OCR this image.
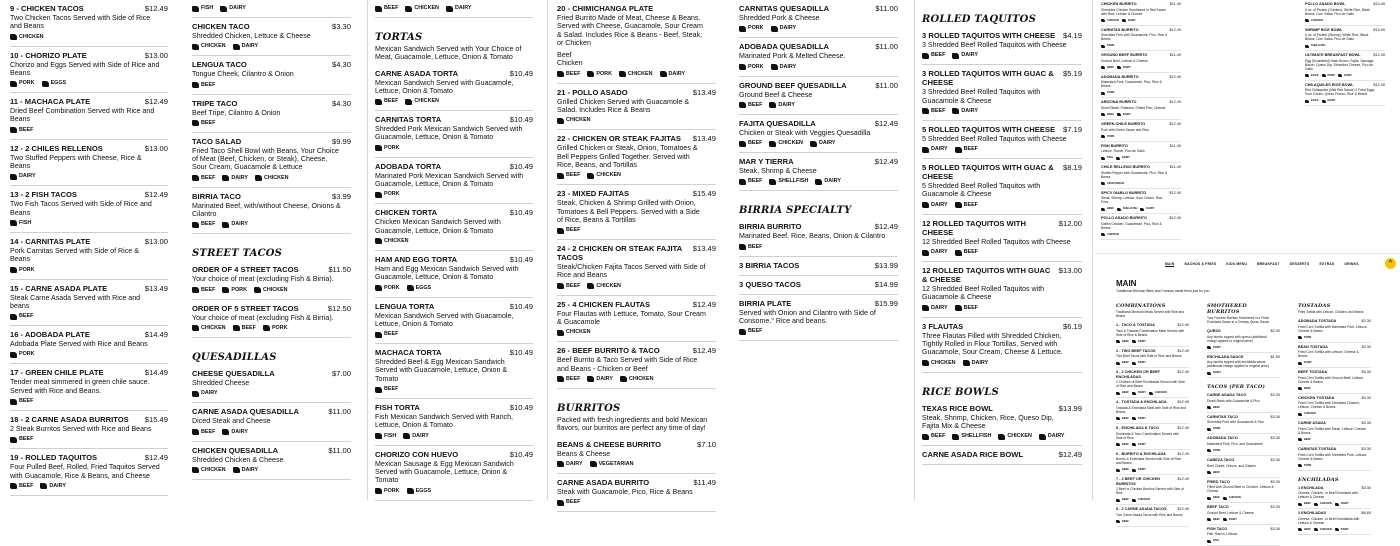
9 - CHICKEN TACOS	$12.49
Two Chicken Tacos Served with Side of Rice and Beans
CHICKEN
10 - CHORIZO PLATE	$13.00
Chorizo and Eggs Served with Side of Rice and Beans
PORK	EGGS
11 - MACHACA PLATE	$12.49
Dried Beef Combination Served with Rice and Beans
BEEF
12 - 2 CHILES RELLENOS	$13.00
Two Stuffed Peppers with Cheese, Rice & Beans
DAIRY
13 - 2 FISH TACOS	$12.49
Two Fish Tacos Served with Side of Rice and Beans
FISH
14 - CARNITAS PLATE	$13.00
Pork Carnitas Served with Side of Rice & Beans
PORK
15 - CARNE ASADA PLATE	$13.49
Steak Carne Asada Served with Rice and beans
BEEF
16 - ADOBADA PLATE	$14.49
Adobada Plate Served with Rice and Beans
PORK
17 - GREEN CHILE PLATE	$14.49
Tender meat simmered in green chile sauce. Served with Rice and Beans.
BEEF
18 - 2 CARNE ASADA BURRITOS	$15.49
2 Steak Burritos Served with Rice and Beans
BEEF
19 - ROLLED TAQUITOS	$12.49
Four Pulled Beef, Rolled, Fried Taquitos Served with Guacamole, Rice & Beans, and Cheese
BEEF	DAIRY
FISH	DAIRY
CHICKEN TACO	$3.30
Shredded Chicken, Lettuce & Cheese
CHICKEN	DAIRY
LENGUA TACO	$4.30
Tongue Cheek, Cilantro & Onion
BEEF
TRIPE TACO	$4.30
Beef Tripe, Cilantro & Onion
BEEF
TACO SALAD	$9.99
Fried Taco Shell Bowl with Beans, Your Choice of Meat (Beef, Chicken, or Steak), Cheese, Sour Cream, Guacamole & Lettuce
BEEF	DAIRY	CHICKEN
BIRRIA TACO	$3.99
Marinated Beef, with/without Cheese, Onions & Cilantro
BEEF	DAIRY
STREET TACOS
ORDER OF 4 STREET TACOS	$11.50
Your choice of meat (excluding Fish & Birria).
BEEF	PORK	CHICKEN
ORDER OF 5 STREET TACOS	$12.50
Your choice of meat (excluding Fish & Birria).
CHICKEN	BEEF	PORK
QUESADILLAS
CHEESE QUESADILLA	$7.00
Shredded Cheese
DAIRY
CARNE ASADA QUESADILLA	$11.00
Diced Steak and Cheese
BEEF	DAIRY
CHICKEN QUESADILLA	$11.00
Shredded Chicken & Cheese
CHICKEN	DAIRY
BEEF	CHICKEN	DAIRY
TORTAS
Mexican Sandwich Served with Your Choice of Meat, Guacamole, Lettuce, Onion & Tomato
CARNE ASADA TORTA	$10.49
Mexican Sandwich Served with Guacamole, Lettuce, Onion & Tomato
BEEF	CHICKEN
CARNITAS TORTA	$10.49
Shredded Pork Mexican Sandwich Served with Guacamole, Lettuce, Onion & Tomato
PORK
ADOBADA TORTA	$10.49
Marinated Pork Mexican Sandwich Served with Guacamole, Lettuce, Onion & Tomato
PORK
CHICKEN TORTA	$10.49
Chicken Mexican Sandwich Served with Guacamole, Lettuce, Onion & Tomato
CHICKEN
HAM AND EGG TORTA	$10.49
Ham and Egg Mexican Sandwich Served with Guacamole, Lettuce, Onion & Tomato
PORK	EGGS
LENGUA TORTA	$10.49
Mexican Sandwich Served with Guacamole, Lettuce, Onion & Tomato
BEEF
MACHACA TORTA	$10.49
Shredded Beef & Egg Mexican Sandwich Served with Guacamole, Lettuce, Onion & Tomato
BEEF
FISH TORTA	$10.49
Fish Mexican Sandwich Served with Ranch, Lettuce, Onion & Tomato
FISH	DAIRY
CHORIZO CON HUEVO	$10.49
Mexican Sausage & Egg Mexican Sandwich Served with Guacamole, Lettuce, Onion & Tomato
PORK	EGGS
20 - CHIMICHANGA PLATE
Fried Burrito Made of Meat, Cheese & Beans. Served with Cheese, Guacamole, Sour Cream & Salad. Includes Rice & Beans - Beef, Steak, or Chicken
Beef
Chicken
BEEF	PORK	CHICKEN	DAIRY
21 - POLLO ASADO	$13.49
Grilled Chicken Served with Guacamole & Salad. Includes Rice & Beans
CHICKEN
22 - CHICKEN OR STEAK FAJITAS	$13.49
Grilled Chicken or Steak, Onion, Tomatoes & Bell Peppers Grilled Together. Served with Rice, Beans, and Tortillas
BEEF	CHICKEN
23 - MIXED FAJITAS	$15.49
Steak, Chicken & Shrimp Grilled with Onion, Tomatoes & Bell Peppers. Served with a Side of Rice, Beans & Tortillas
BEEF
24 - 2 CHICKEN OR STEAK FAJITA TACOS
$13.49
Steak/Chicken Fajita Tacos Served with Side of Rice and Beans
BEEF	CHICKEN
25 - 4 CHICKEN FLAUTAS	$12.49
Four Flautas with Lettuce, Tomato, Sour Cream & Guacamole
CHICKEN
26 - BEEF BURRITO & TACO	$12.49
Beef Burrito & Taco Served with Side of Rice and Beans - Chicken or Beef
BEEF	DAIRY	CHICKEN
BURRITOS
Packed with fresh ingredients and bold Mexican flavors, our burritos are perfect any time of day!
BEANS & CHEESE BURRITO	$7.10
Beans & Cheese
DAIRY	VEGETARIAN
CARNE ASADA BURRITO	$11.49
Steak with Guacamole, Pico, Rice & Beans
BEEF
CARNITAS QUESADILLA	$11.00
Shredded Pork & Cheese
PORK	DAIRY
ADOBADA QUESADILLA	$11.00
Marinated Pork & Melted Cheese.
PORK	DAIRY
GROUND BEEF QUESADILLA	$11.00
Ground Beef & Cheese
BEEF	DAIRY
FAJITA QUESADILLA	$12.49
Chicken or Steak with Veggies Quesadilla
BEEF	CHICKEN	DAIRY
MAR Y TIERRA	$12.49
Steak, Shrimp & Cheese
BEEF	SHELLFISH	DAIRY
BIRRIA SPECIALTY
BIRRIA BURRITO	$12.49
Marinated Beef. Rice, Beans, Onion & Cilantro
BEEF
3 BIRRIA TACOS	$13.99
3 QUESO TACOS	$14.99
BIRRIA PLATE	$15.99
Served with Onion and Cilantro with Side of Consome." Rice and beans.
BEEF
ROLLED TAQUITOS
3 ROLLED TAQUITOS WITH CHEESE	$4.19
3 Shredded Beef Rolled Taquitos with Cheese
BEEF	DAIRY
3 ROLLED TAQUITOS WITH GUAC & CHEESE
$5.19
3 Shredded Beef Rolled Taquitos with Guacamole & Cheese
BEEF	DAIRY
5 ROLLED TAQUITOS WITH CHEESE	$7.19
5 Shredded Beef Rolled Taquitos with Cheese
DAIRY	BEEF
5 ROLLED TAQUITOS WITH GUAC & CHEESE
$8.19
5 Shredded Beef Rolled Taquitos with Guacamole & Cheese
DAIRY	BEEF
12 ROLLED TAQUITOS WITH CHEESE
$12.00
12 Shredded Beef Rolled Taquitos with Cheese
DAIRY	BEEF
12 ROLLED TAQUITOS WITH GUAC & CHEESE
$13.00
12 Shredded Beef Rolled Taquitos with Guacamole & Cheese
DAIRY	BEEF
3 FLAUTAS	$6.19
Three Flautas Filled with Shredded Chicken, Tightly Rolled in Flour Tortillas, Served with Guacamole, Sour Cream, Cheese & Lettuce.
CHICKEN	DAIRY
RICE BOWLS
TEXAS RICE BOWL	$13.99
Steak, Shrimp, Chicken, Rice, Queso Dip, Fajita Mix & Cheese
BEEF	SHELLFISH	CHICKEN	DAIRY
CARNE ASADA RICE BOWL	$12.49
CHICKEN BURRITO	$11.49
Shredded Chicken Smothered in Red Sauce with Rice, Lettuce & Cheese
CHICKEN	DAIRY
CARNITAS BURRITO	$12.49
Shredded Pork with Guacamole, Pico, Rice & Beans
PORK
GROUND BEEF BURRITO	$11.49
Ground Beef, Lettuce & Cheese
BEEF	DAIRY
ADOBADA BURRITO	$12.49
Marinated Pork, Guacamole, Pico, Rice & Beans
PORK
ARIZONA BURRITO	$12.49
Diced Steak, Potatoes, Grilled Pico, Cheese
BEEF	DAIRY
GREEN CHILE BURRITO	$12.49
Pork with Green Sauce and Rice
PORK
FISH BURRITO	$11.49
Lettuce, Ranch, Pico de Gallo
FISH	DAIRY
CHILE RELLENO BURRITO	$11.49
Stuffed Pepper with Guacamole, Pico, Rice & Beans
VEGETARIAN
SPICY DIABLO BURRITO	$12.49
Steak, Shrimp, Lettuce, Sour Cream, Rice, Fries
BEEF	SHELLFISH	DAIRY
POLLO ASADO BURRITO	$12.49
Grilled Chicken, Guacamole, Pico, Rice & Beans
CHICKEN
POLLO ASADO BOWL	$13.49
6 oz. of Protein (Chicken), White Rice, Black Beans, Corn Salsa, Pico de Gallo
CHICKEN
SHRIMP RICE BOWL	$13.99
6 oz. of Protein (Shrimp), White Rice, Black Beans, Corn Salsa, Pico de Gallo
SHELLFISH
ULTIMATE BREAKFAST BOWL	$12.49
Egg (Scrambled) Hash Brown, Fajita, Sausage, Bacon, Queso Dip, Shredded Cheese, Pico de Gallo
EGGS	PORK	DAIRY
CHILAQUILES RICE BOWL	$12.49
Red Chilaquiles (Mild Red Sauce) 2 Fried Eggs, Sour Cream, Queso Fresco, Rice & Beans
EGGS	DAIRY
MAIN	NACHOS & FRIES	KIDS MENU	BREAKFAST	DESSERTS	EXTRAS	DRINKS	^
MAIN
Traditional Mexican Bites and Combos made fresh just for you
COMBINATIONS
Traditional Mexican Meals Served with Rice and Beans
1 - TACO & TOSTADA	$12.49
Taco & Tostada Combination Meal Served with Side of Rice & Beans
BEEF	DAIRY
2 - TWO BEEF TACOS	$12.49
Two Beef Tacos with Side of Rice and Beans
BEEF	DAIRY
3 - 2 CHICKEN OR BEEF ENCHILADAS
$12.49
2 Chicken or Beef Enchiladas Served with Side of Rice and Beans
BEEF	DAIRY	CHICKEN
4 - TOSTADA & ENCHILADA	$12.49
Tostada & Enchilada Meal with Side of Rice and Beans
BEEF	DAIRY
5 - ENCHILADA & TACO	$12.49
Enchilada & Taco Combination Served with Side of Rice
BEEF	DAIRY
6 - BURRITO & ENCHILADA	$12.49
Burrito & Enchilada Served with Side of Rice and Beans
BEEF	DAIRY
7 - 2 BEEF OR CHICKEN BURRITOS
$12.49
2 Beef or Chicken Burritos Served with Side of Rice
BEEF	CHICKEN
8 - 2 CARNE ASADA TACOS	$12.49
Two Carne Asada Tacos with Rice and Beans
BEEF
SMOTHERED BURRITOS
Your Favorite Burritos Smothered in a Fresh Enchilada Sauce in a Creamy Queso Sauce
QUESO	$2.00
Any burrito topped with queso (additional charge applies to original price)
DAIRY
ENCHILADA SAUCE	$1.50
Any burrito topped with enchilada sauce (additional charge applies to original price)
DAIRY
TACOS (PER TACO)
CARNE ASADA TACO	$3.30
Diced Steak with Guacamole & Pico
BEEF
CARNITAS TACO	$3.30
Shredded Pork with Guacamole & Pico
PORK
ADOBADA TACO	$3.30
Marinated Pork, Pico, and Guacamole
PORK
CABEZA TACO	$3.30
Beef Cheek, Onions, and Cilantro
BEEF
FRIED TACO	$3.30
Filled with Ground Beef or Chicken, Lettuce & Cheese
BEEF	CHICKEN
BEEF TACO	$3.30
Ground Beef, Lettuce & Cheese
BEEF	DAIRY
FISH TACO	$3.30
Fish, Ranch, Lettuce
FISH
TOSTADAS
Fried Tortilla with Lettuce, Chicken, and Beans
ADOBADA TOSTADA	$3.30
Fried Corn Tortilla with Marinated Pork, Lettuce, Cheese & Beans
PORK
BEAN TOSTADA	$3.30
Fried Corn Tortilla with Lettuce, Cheese & Beans
DAIRY
BEEF TOSTADA	$3.30
Fried Corn Tortilla with Ground Beef, Lettuce, Cheese & Beans
BEEF
CHICKEN TOSTADA	$3.30
Fried Corn Tortilla with Shredded Chicken, Lettuce, Cheese & Beans
CHICKEN
CARNE ASADA	$3.30
Fried Corn Tortilla with Steak, Lettuce, Cheese & Beans
BEEF
CARNITAS TOSTADA	$3.30
Fried Corn Tortilla with Shredded Pork, Lettuce, Cheese & Beans
PORK
ENCHILADAS
1 ENCHILADA	$3.30
Cheese, Chicken, or Beef Enchilada with Lettuce & Cheese
BEEF	CHICKEN	DAIRY
2 ENCHILADAS	$6.60
Cheese, Chicken, or Beef Enchiladas with Lettuce & Cheese
BEEF	CHICKEN	DAIRY
